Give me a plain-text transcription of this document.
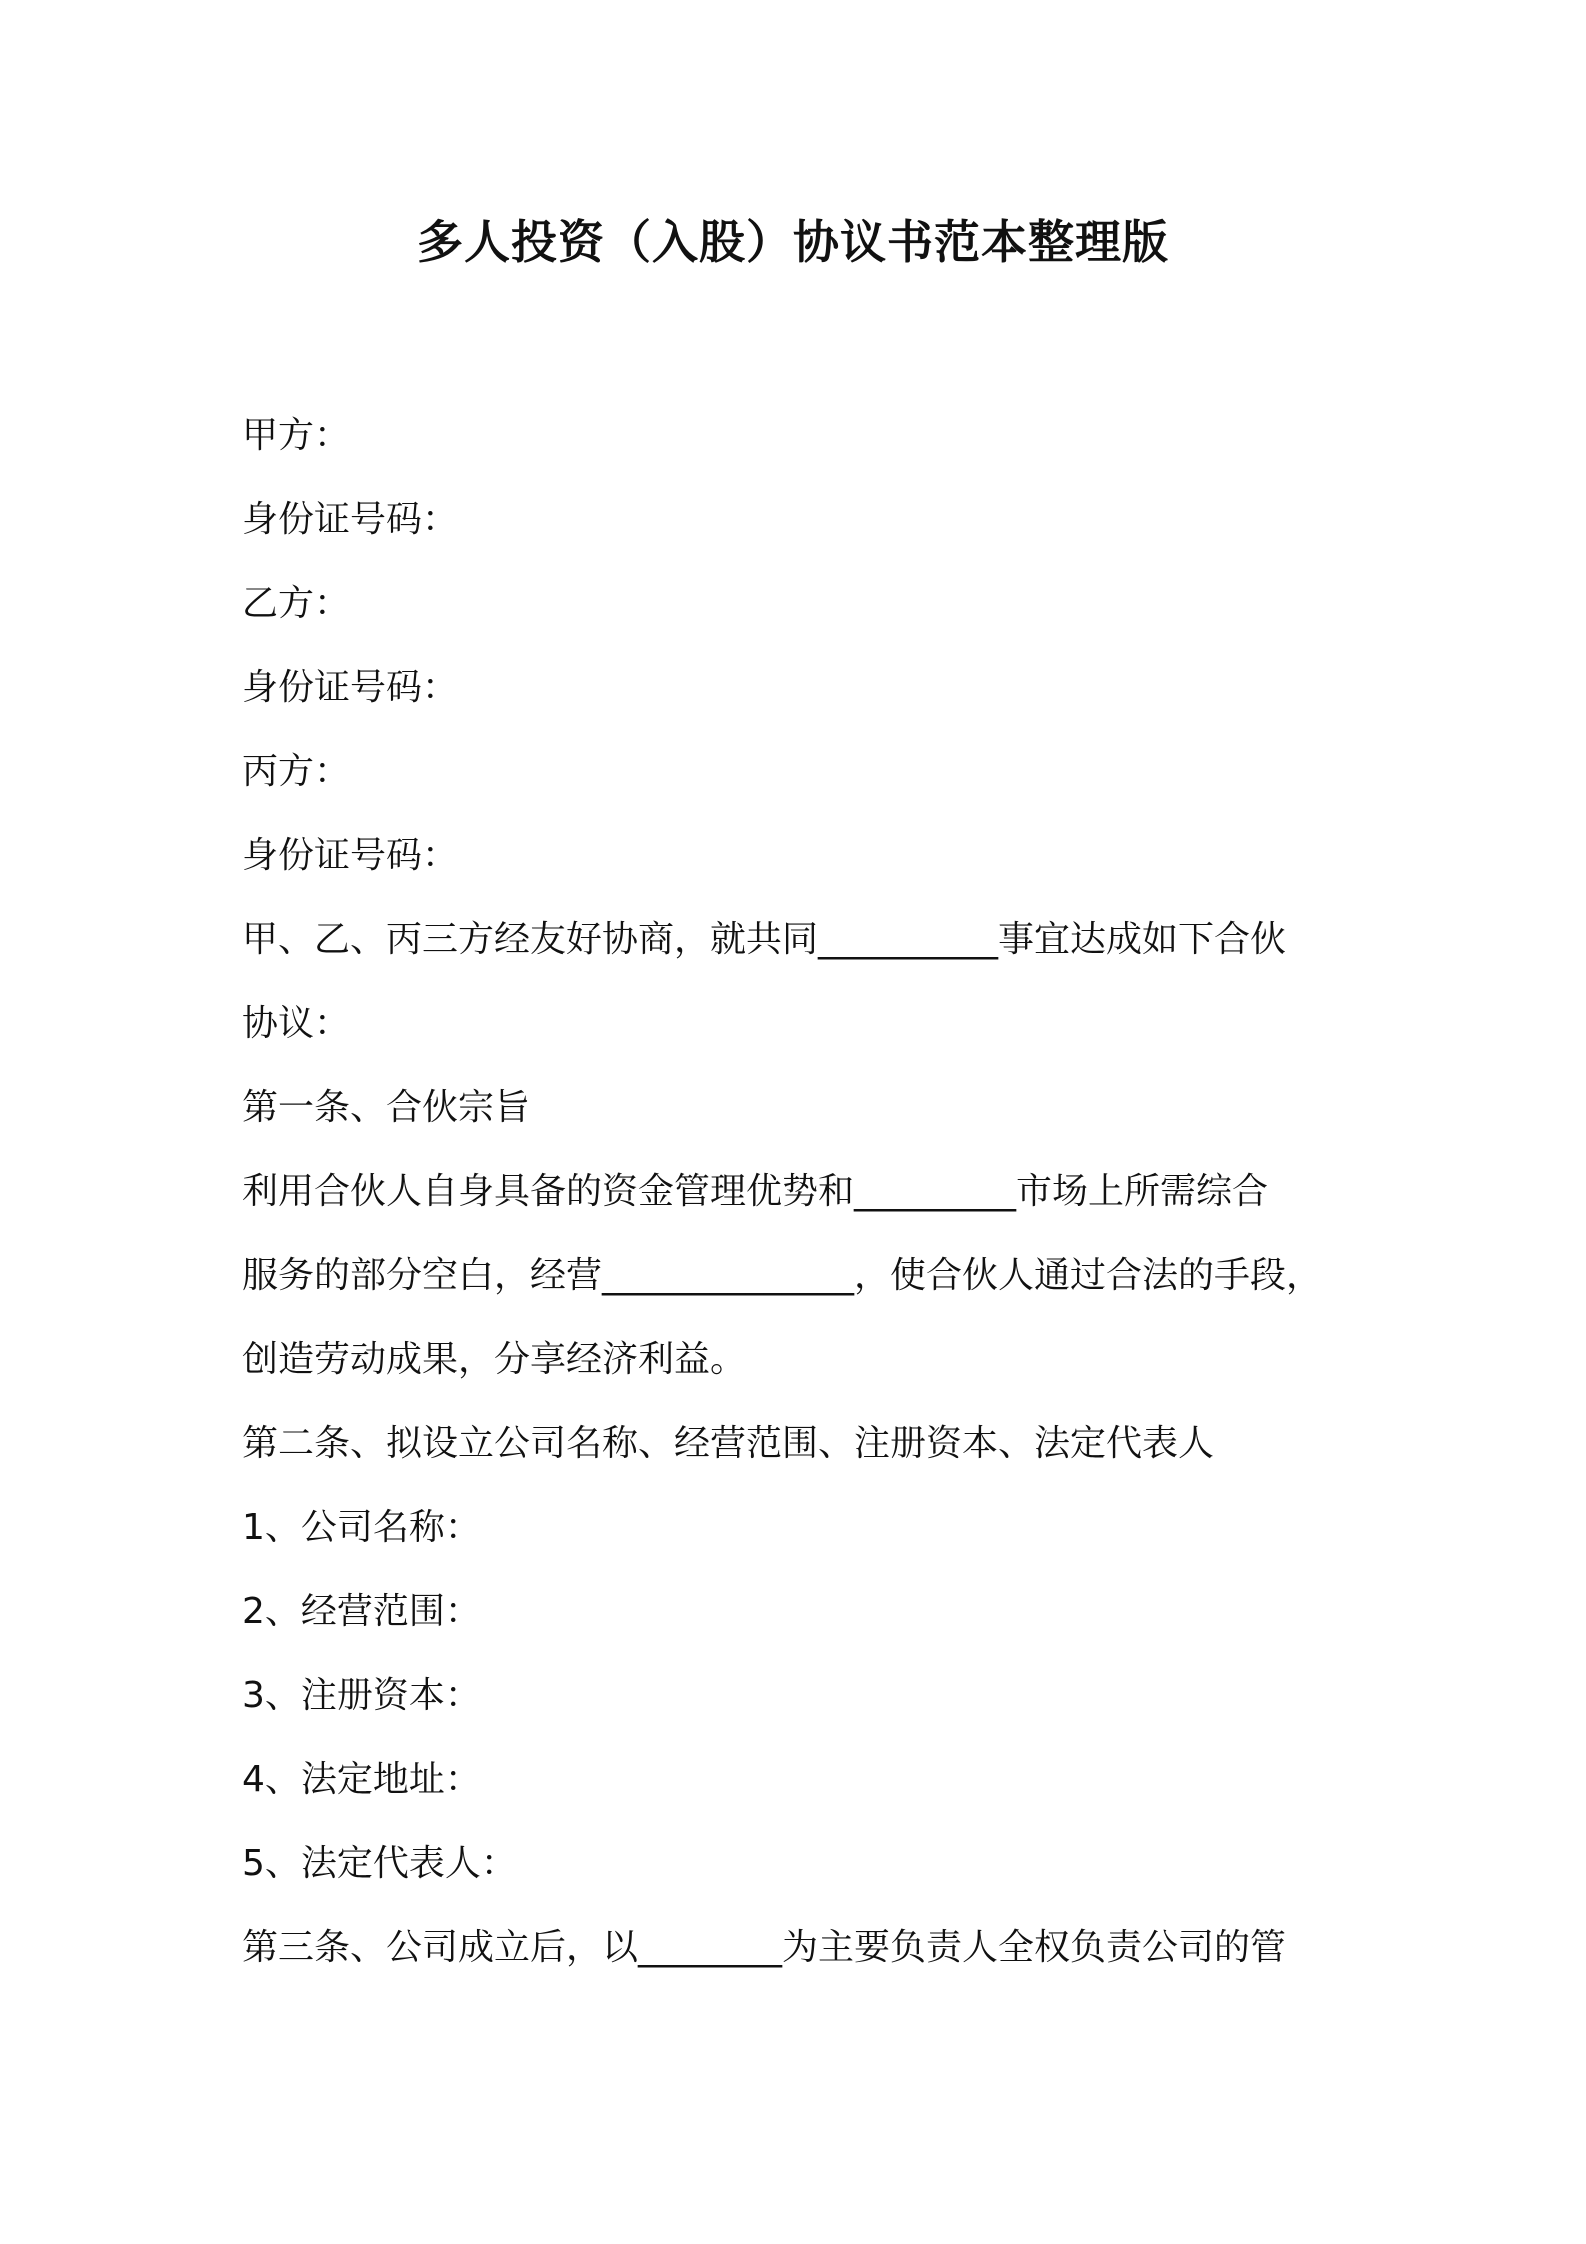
多人投资（入股）协议书范本整理版
甲方：
身份证号码：
乙方：
身份证号码：
丙方：
身份证号码：
甲、乙、丙三方经友好协商，就共同__________事宜达成如下合伙
协议：
第一条、合伙宗旨
利用合伙人自身具备的资金管理优势和_________市场上所需综合
服务的部分空白，经营______________，使合伙人通过合法的手段，
创造劳动成果，分享经济利益。
第二条、拟设立公司名称、经营范围、注册资本、法定代表人
1、公司名称：
2、经营范围：
3、注册资本：
4、法定地址：
5、法定代表人：
第三条、公司成立后，以________为主要负责人全权负责公司的管
